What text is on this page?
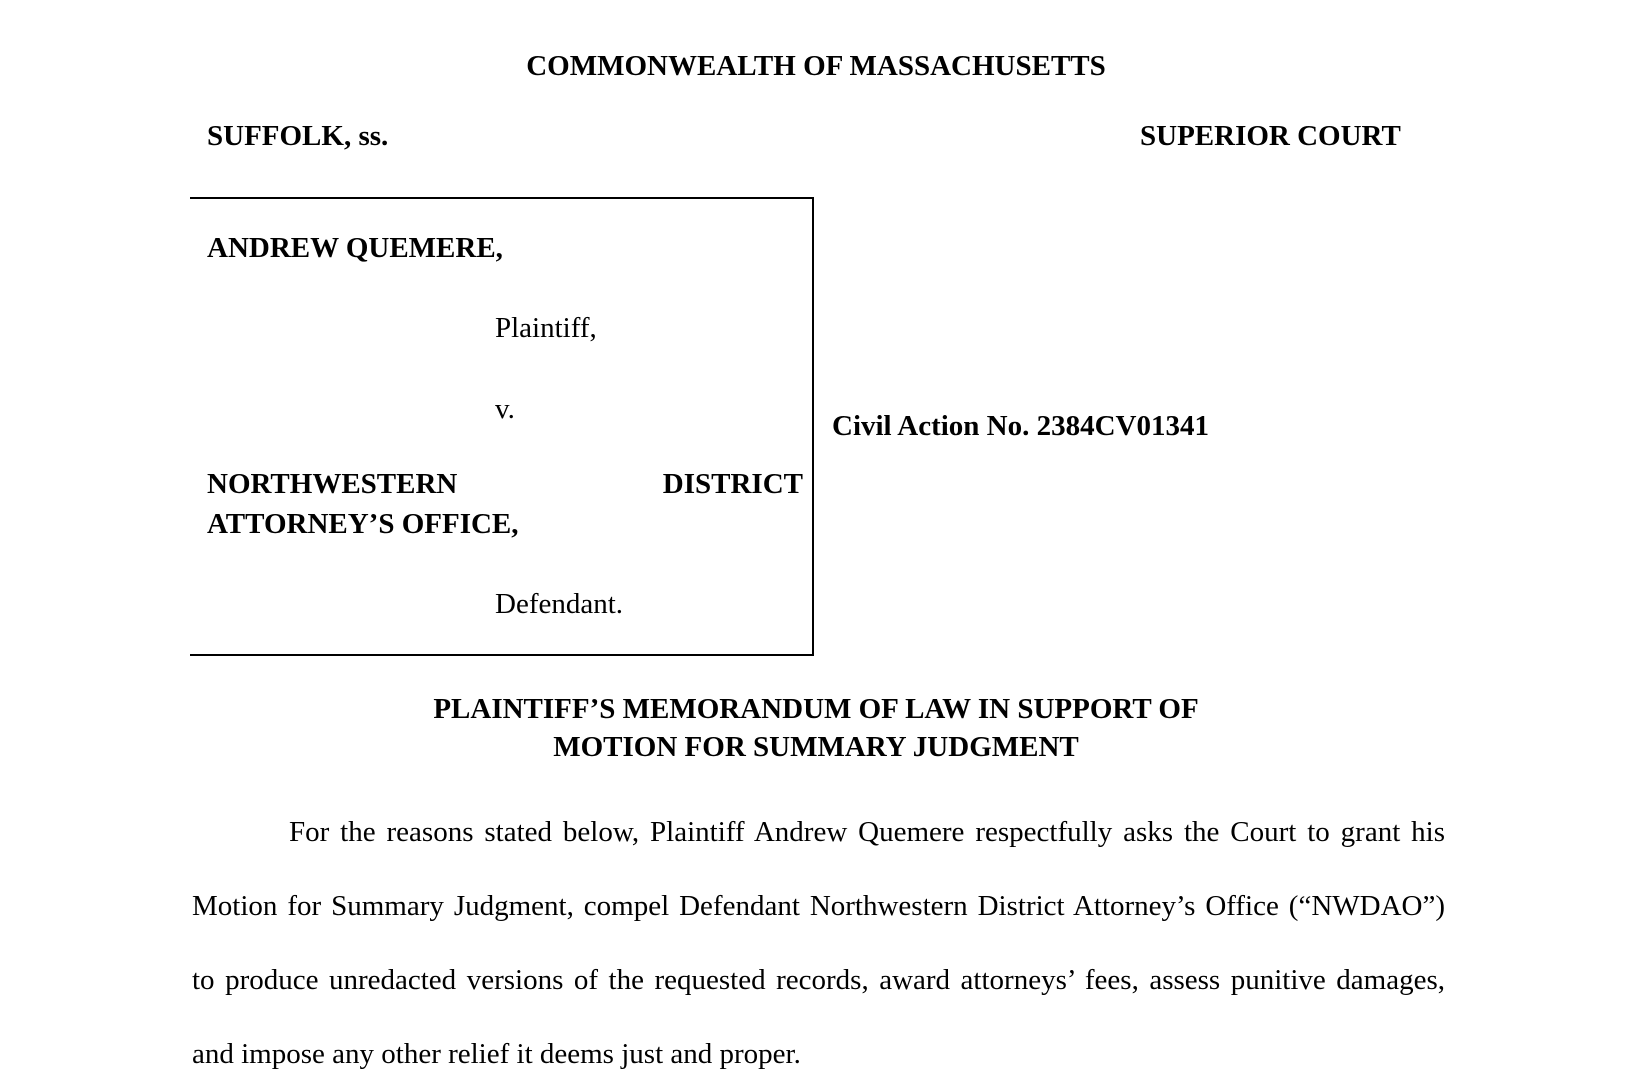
COMMONWEALTH OF MASSACHUSETTS
SUFFOLK, ss.	SUPERIOR COURT
ANDREW QUEMERE,
Plaintiff,
v.
NORTHWESTERN	DISTRICT
ATTORNEY’S OFFICE,
Defendant.
Civil Action No. 2384CV01341
PLAINTIFF’S MEMORANDUM OF LAW IN SUPPORT OF
MOTION FOR SUMMARY JUDGMENT
For the reasons stated below, Plaintiff Andrew Quemere respectfully asks the Court to grant his Motion for Summary Judgment, compel Defendant Northwestern District Attorney’s Office (“NWDAO”) to produce unredacted versions of the requested records, award attorneys’ fees, assess punitive damages, and impose any other relief it deems just and proper.
